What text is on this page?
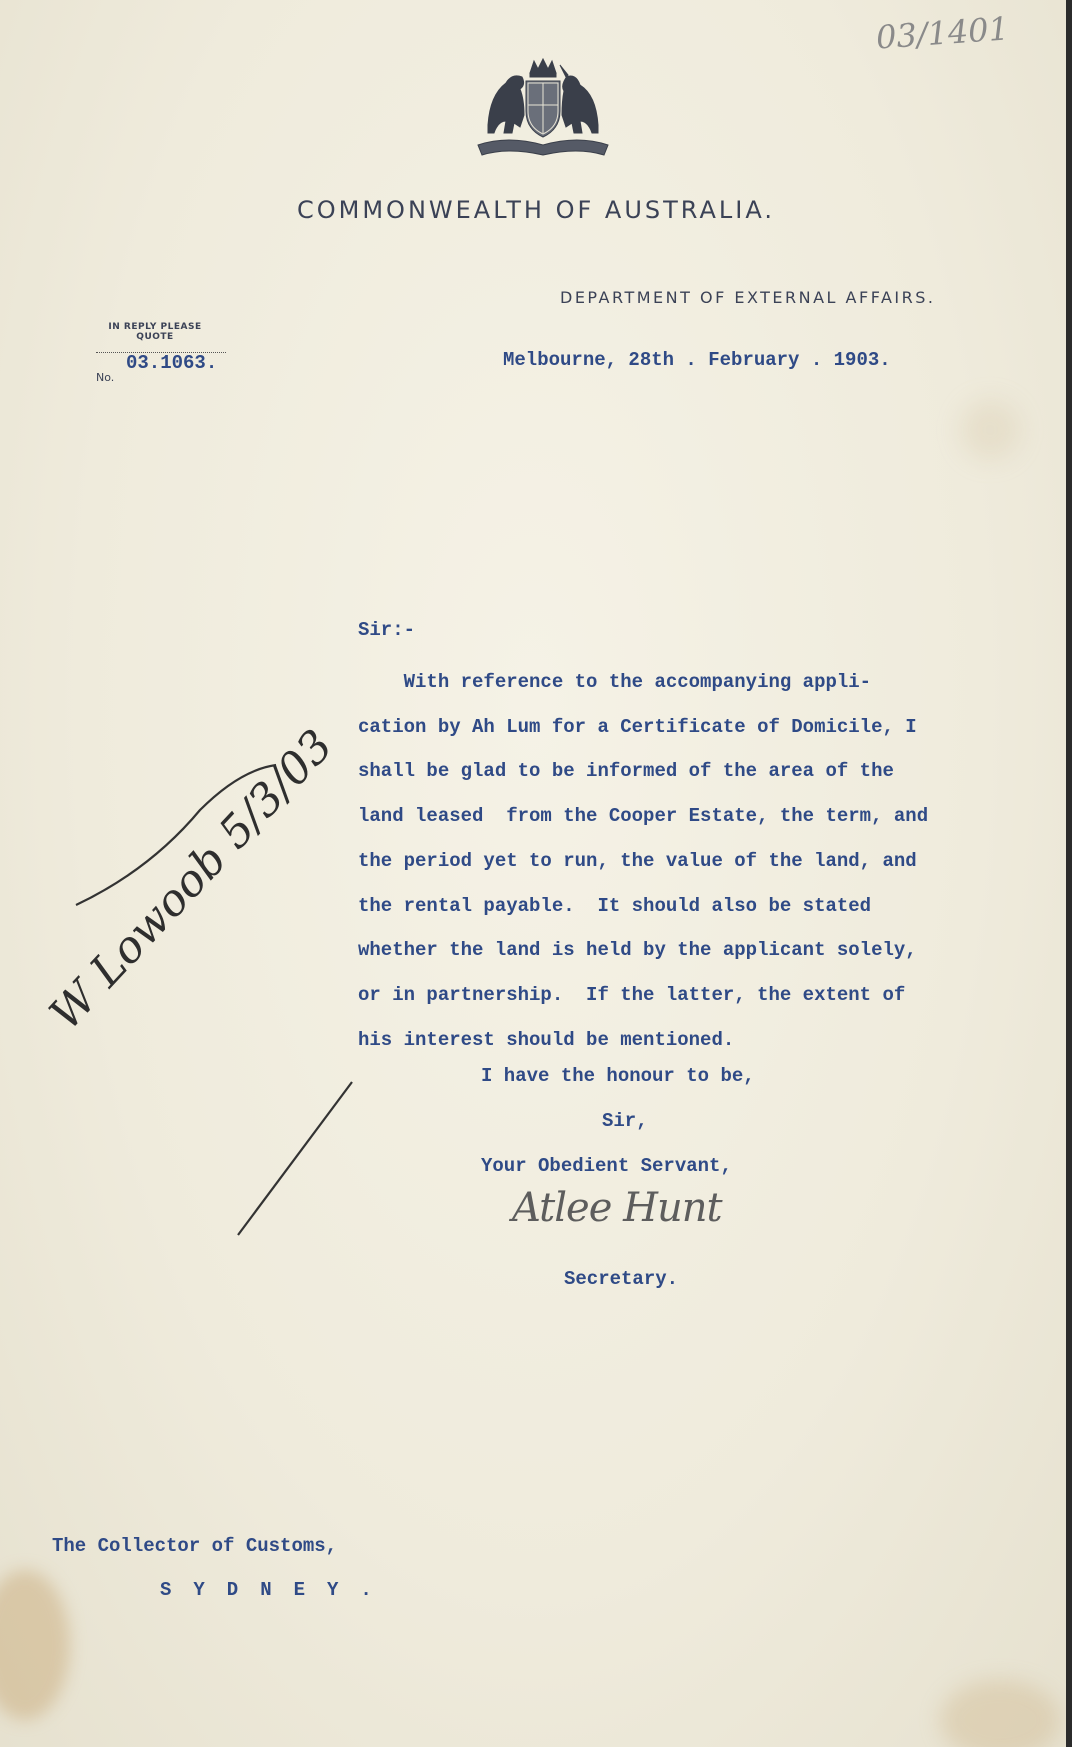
03/1401
COMMONWEALTH OF AUSTRALIA.
DEPARTMENT OF EXTERNAL AFFAIRS.
IN REPLY PLEASE QUOTE
No.
03.1063.	Melbourne, 28th . February . 1903.
Sir:-
With reference to the accompanying appli-
cation by Ah Lum for a Certificate of Domicile, I
shall be glad to be informed of the area of the
land leased  from the Cooper Estate, the term, and
the period yet to run, the value of the land, and
the rental payable.  It should also be stated
whether the land is held by the applicant solely,
or in partnership.  If the latter, the extent of
his interest should be mentioned.
I have the honour to be,
Sir,
Your Obedient Servant,
Atlee Hunt
Secretary.
W Lowoob 5/3/03
The Collector of Customs,
SYDNEY.
